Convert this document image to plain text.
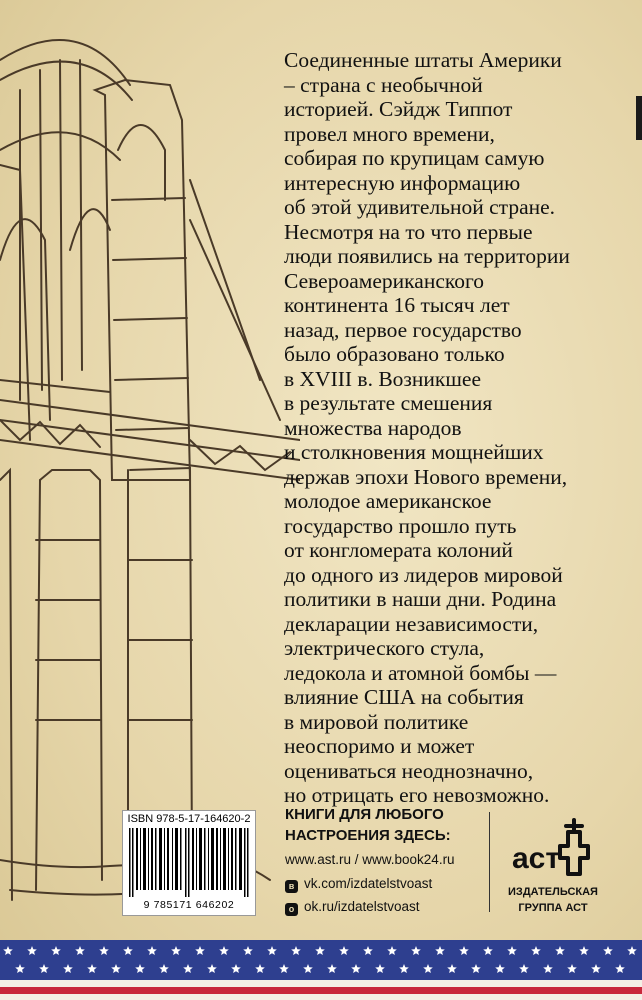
Соединенные штаты Америки
– страна с необычной
историей. Сэйдж Типпот
провел много времени,
собирая по крупицам самую
интересную информацию
об этой удивительной стране.
Несмотря на то что первые
люди появились на территории
Североамериканского
континента 16 тысяч лет
назад, первое государство
было образовано только
в XVIII в. Возникшее
в результате смешения
множества народов
и столкновения мощнейших
держав эпохи Нового времени,
молодое американское
государство прошло путь
от конгломерата колоний
до одного из лидеров мировой
политики в наши дни. Родина
декларации независимости,
электрического стула,
ледокола и атомной бомбы —
влияние США на события
в мировой политике
неоспоримо и может
оцениваться неоднозначно,
но отрицать его невозможно.

ISBN 978-5-17-164620-2
9 785171 646202

КНИГИ ДЛЯ ЛЮБОГО
НАСТРОЕНИЯ ЗДЕСЬ:

www.ast.ru / www.book24.ru
в vk.com/izdatelstvoast
о ok.ru/izdatelstvoast
аст
ИЗДАТЕЛЬСКАЯ
ГРУППА АСТ
